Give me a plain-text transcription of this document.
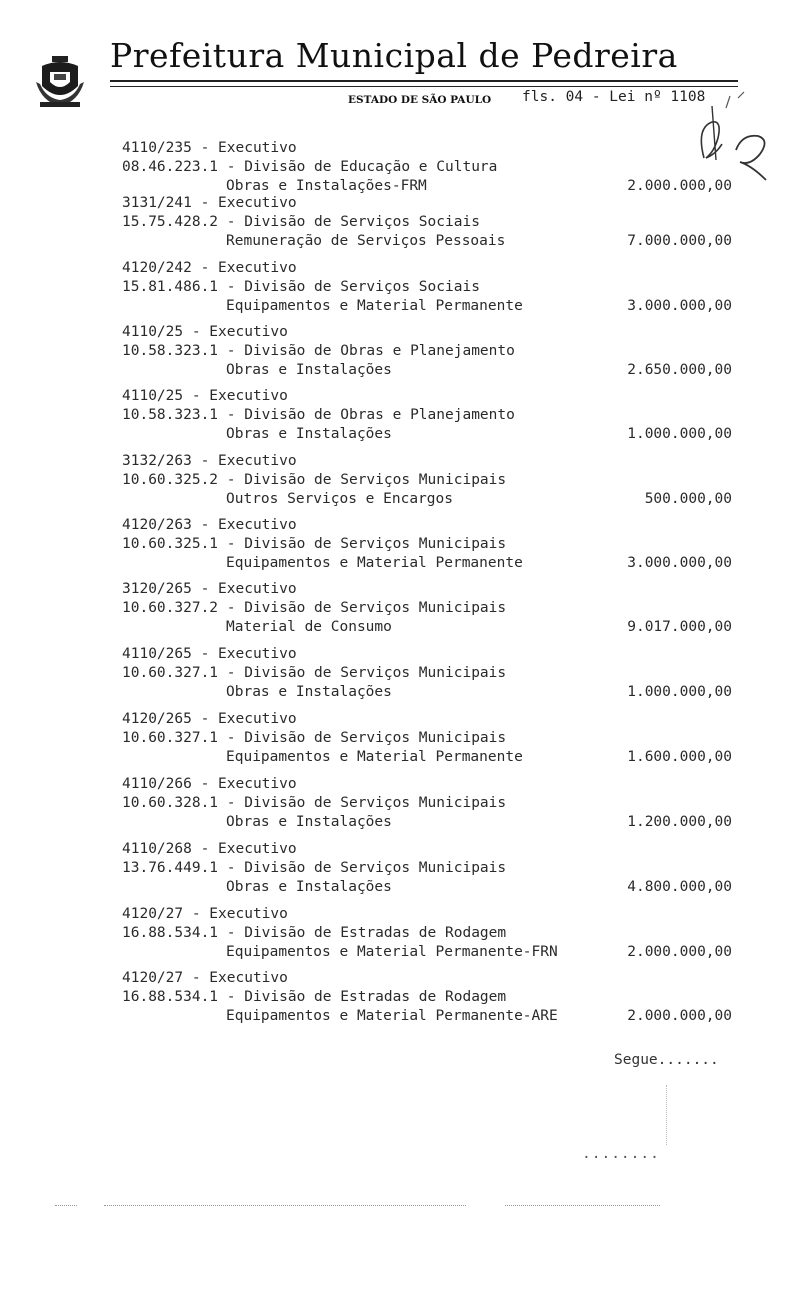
Prefeitura Municipal de Pedreira
ESTADO DE SÃO PAULO fls. 04 - Lei nº 1108
4110/235 - Executivo
08.46.223.1 - Divisão de Educação e Cultura
Obras e Instalações-FRM	2.000.000,00
3131/241 - Executivo
15.75.428.2 - Divisão de Serviços Sociais
Remuneração de Serviços Pessoais	7.000.000,00
4120/242 - Executivo
15.81.486.1 - Divisão de Serviços Sociais
Equipamentos e Material Permanente	3.000.000,00
4110/25 - Executivo
10.58.323.1 - Divisão de Obras e Planejamento
Obras e Instalações	2.650.000,00
4110/25 - Executivo
10.58.323.1 - Divisão de Obras e Planejamento
Obras e Instalações	1.000.000,00
3132/263 - Executivo
10.60.325.2 - Divisão de Serviços Municipais
Outros Serviços e Encargos	500.000,00
4120/263 - Executivo
10.60.325.1 - Divisão de Serviços Municipais
Equipamentos e Material Permanente	3.000.000,00
3120/265 - Executivo
10.60.327.2 - Divisão de Serviços Municipais
Material de Consumo	9.017.000,00
4110/265 - Executivo
10.60.327.1 - Divisão de Serviços Municipais
Obras e Instalações	1.000.000,00
4120/265 - Executivo
10.60.327.1 - Divisão de Serviços Municipais
Equipamentos e Material Permanente	1.600.000,00
4110/266 - Executivo
10.60.328.1 - Divisão de Serviços Municipais
Obras e Instalações	1.200.000,00
4110/268 - Executivo
13.76.449.1 - Divisão de Serviços Municipais
Obras e Instalações	4.800.000,00
4120/27 - Executivo
16.88.534.1 - Divisão de Estradas de Rodagem
Equipamentos e Material Permanente-FRN	2.000.000,00
4120/27 - Executivo
16.88.534.1 - Divisão de Estradas de Rodagem
Equipamentos e Material Permanente-ARE	2.000.000,00
Segue.......
........
